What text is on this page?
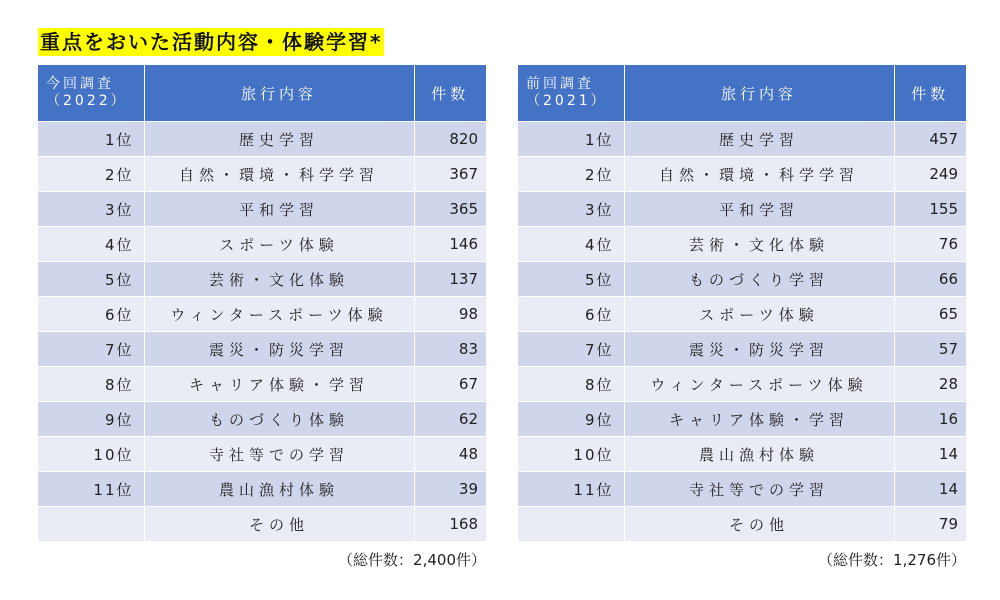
重点をおいた活動内容・体験学習*
今回調査
（2022）	旅行内容	件数
1位	歴史学習	820
2位	自然・環境・科学学習	367
3位	平和学習	365
4位	スポーツ体験	146
5位	芸術・文化体験	137
6位	ウィンタースポーツ体験	98
7位	震災・防災学習	83
8位	キャリア体験・学習	67
9位	ものづくり体験	62
10位	寺社等での学習	48
11位	農山漁村体験	39
	その他	168
前回調査
（2021）	旅行内容	件数
1位	歴史学習	457
2位	自然・環境・科学学習	249
3位	平和学習	155
4位	芸術・文化体験	76
5位	ものづくり学習	66
6位	スポーツ体験	65
7位	震災・防災学習	57
8位	ウィンタースポーツ体験	28
9位	キャリア体験・学習	16
10位	農山漁村体験	14
11位	寺社等での学習	14
	その他	79
（総件数：2,400件）	（総件数：1,276件）
